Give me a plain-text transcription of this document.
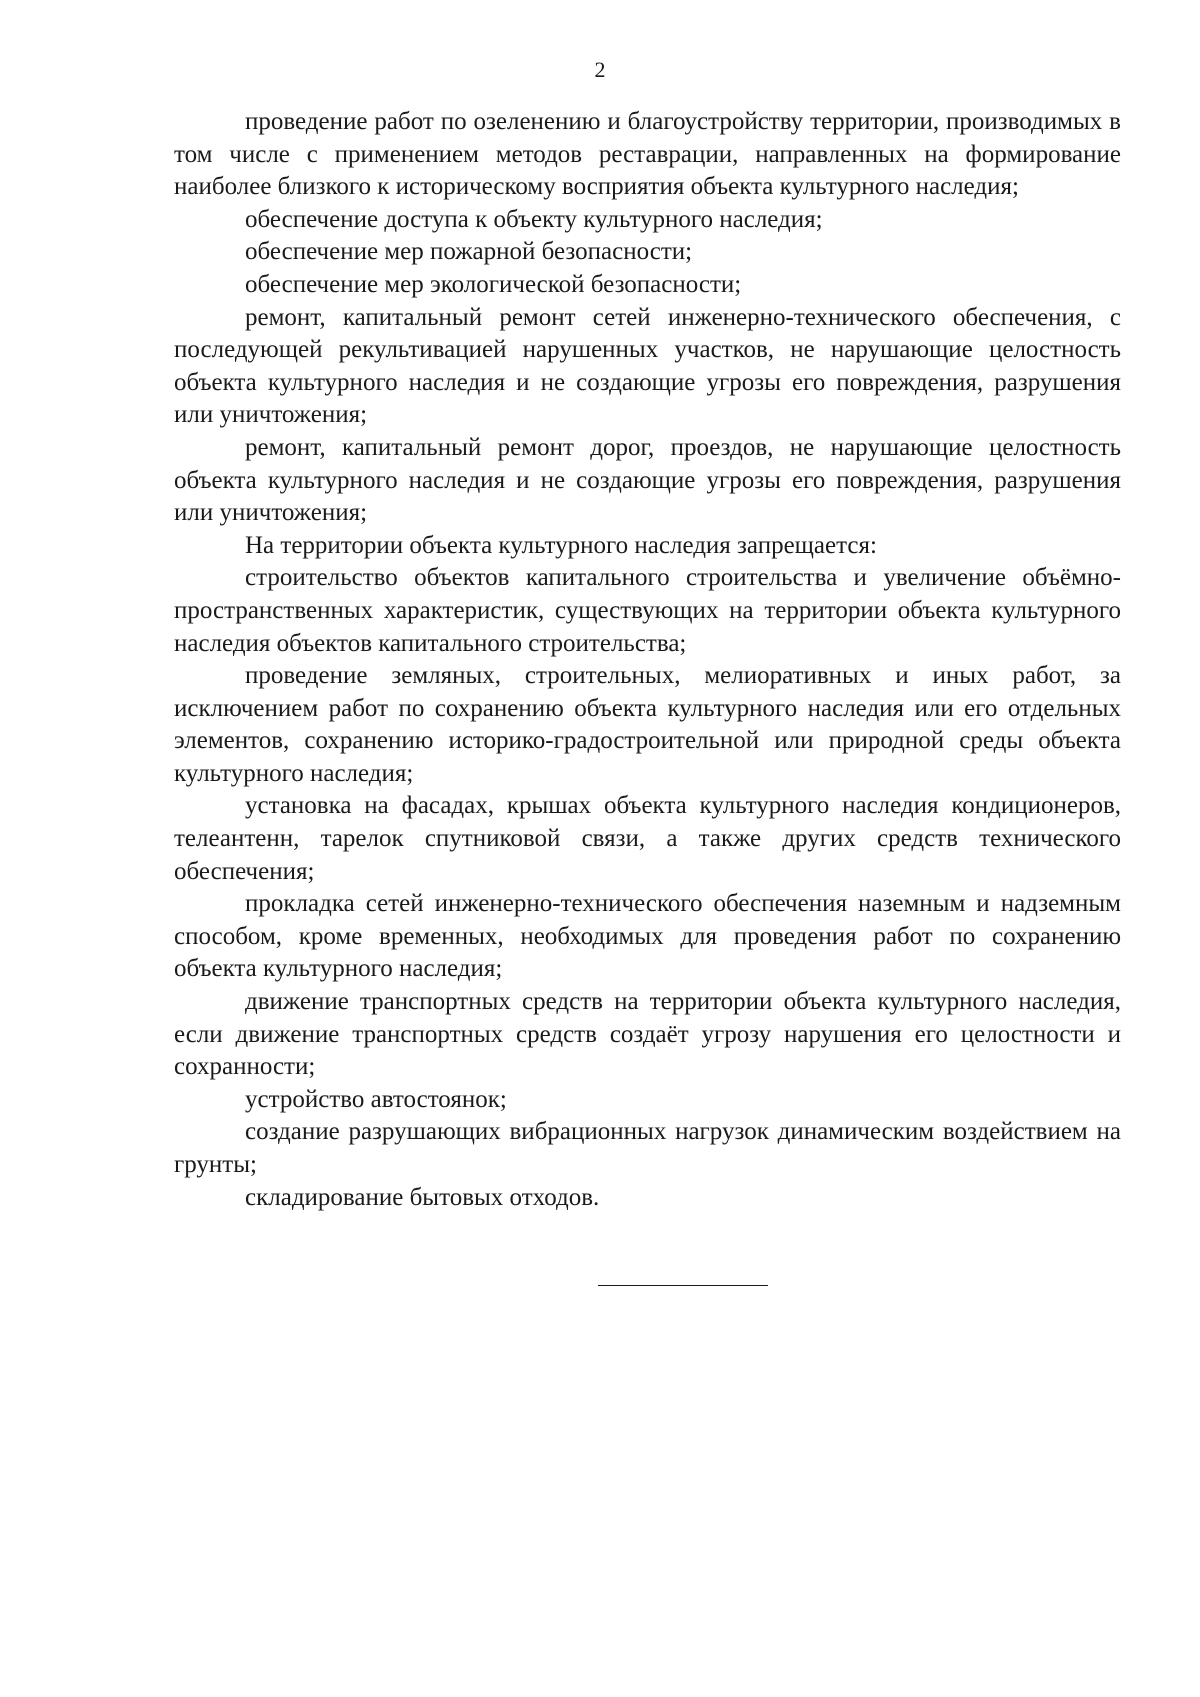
2

проведение работ по озеленению и благоустройству территории, производимых в том числе с применением методов реставрации, направленных на формирование наиболее близкого к историческому восприятия объекта культурного наследия;

обеспечение доступа к объекту культурного наследия;

обеспечение мер пожарной безопасности;

обеспечение мер экологической безопасности;

ремонт, капитальный ремонт сетей инженерно-технического обеспечения, с последующей рекультивацией нарушенных участков, не нарушающие целостность объекта культурного наследия и не создающие угрозы его повреждения, разрушения или уничтожения;

ремонт, капитальный ремонт дорог, проездов, не нарушающие целостность объекта культурного наследия и не создающие угрозы его повреждения, разрушения или уничтожения;

На территории объекта культурного наследия запрещается:

строительство объектов капитального строительства и увеличение объёмно-пространственных характеристик, существующих на территории объекта культурного наследия объектов капитального строительства;

проведение земляных, строительных, мелиоративных и иных работ, за исключением работ по сохранению объекта культурного наследия или его отдельных элементов, сохранению историко-градостроительной или природной среды объекта культурного наследия;

установка на фасадах, крышах объекта культурного наследия кондиционеров, телеантенн, тарелок спутниковой связи, а также других средств технического обеспечения;

прокладка сетей инженерно-технического обеспечения наземным и надземным способом, кроме временных, необходимых для проведения работ по сохранению объекта культурного наследия;

движение транспортных средств на территории объекта культурного наследия, если движение транспортных средств создаёт угрозу нарушения его целостности и сохранности;

устройство автостоянок;

создание разрушающих вибрационных нагрузок динамическим воздействием на грунты;

складирование бытовых отходов.
